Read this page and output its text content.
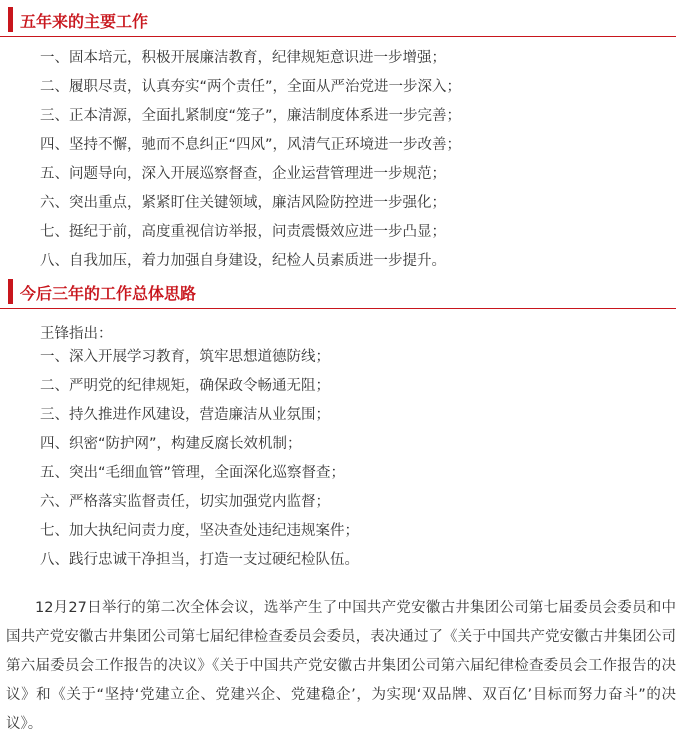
五年来的主要工作
一、固本培元，积极开展廉洁教育，纪律规矩意识进一步增强；
二、履职尽责，认真夯实“两个责任”，全面从严治党进一步深入；
三、正本清源，全面扎紧制度“笼子”，廉洁制度体系进一步完善；
四、坚持不懈，驰而不息纠正“四风”，风清气正环境进一步改善；
五、问题导向，深入开展巡察督查，企业运营管理进一步规范；
六、突出重点，紧紧盯住关键领域，廉洁风险防控进一步强化；
七、挺纪于前，高度重视信访举报，问责震慑效应进一步凸显；
八、自我加压，着力加强自身建设，纪检人员素质进一步提升。
今后三年的工作总体思路
王锋指出：
一、深入开展学习教育，筑牢思想道德防线；
二、严明党的纪律规矩，确保政令畅通无阻；
三、持久推进作风建设，营造廉洁从业氛围；
四、织密“防护网”，构建反腐长效机制；
五、突出“毛细血管”管理，全面深化巡察督查；
六、严格落实监督责任，切实加强党内监督；
七、加大执纪问责力度，坚决查处违纪违规案件；
八、践行忠诚干净担当，打造一支过硬纪检队伍。

12月27日举行的第二次全体会议，选举产生了中国共产党安徽古井集团公司第七届委员会委员和中国共产党安徽古井集团公司第七届纪律检查委员会委员，表决通过了《关于中国共产党安徽古井集团公司第六届委员会工作报告的决议》《关于中国共产党安徽古井集团公司第六届纪律检查委员会工作报告的决议》和《关于“坚持‘党建立企、党建兴企、党建稳企’，为实现‘双品牌、双百亿’目标而努力奋斗”的决议》。
